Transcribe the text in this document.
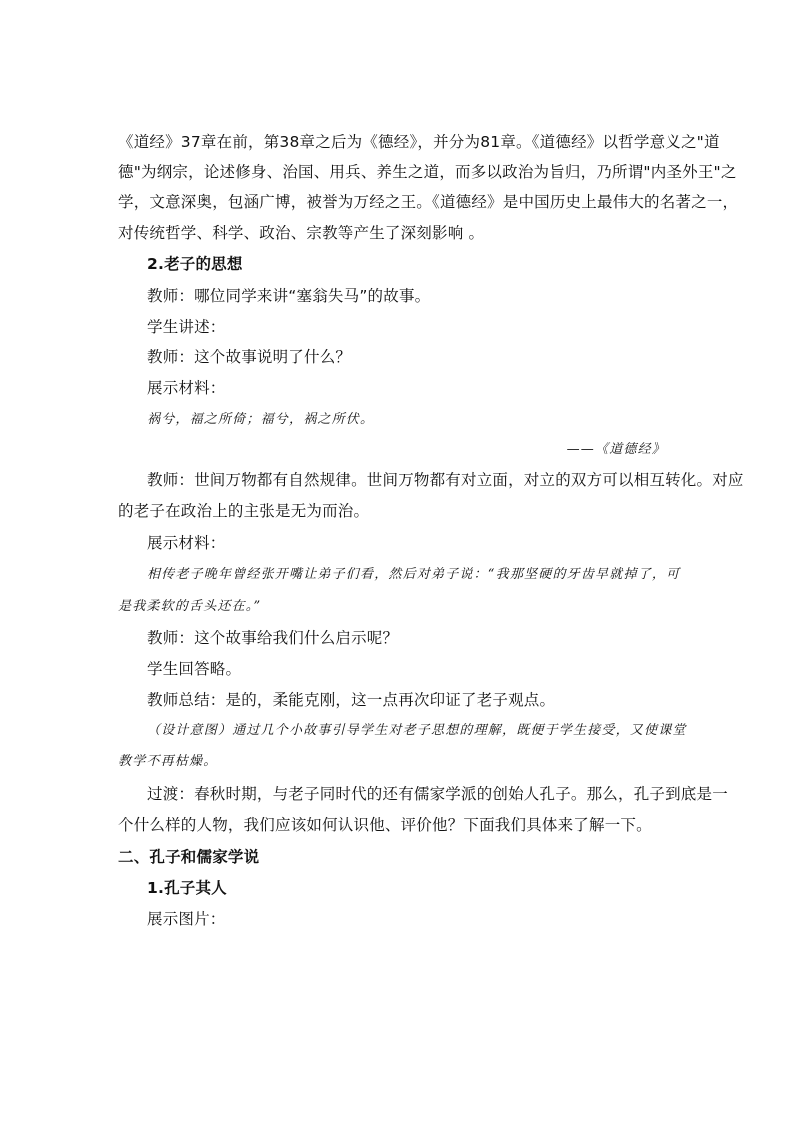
《道经》37章在前，第38章之后为《德经》，并分为81章。《道德经》以哲学意义之"道
德"为纲宗，论述修身、治国、用兵、养生之道，而多以政治为旨归，乃所谓"内圣外王"之
学，文意深奥，包涵广博，被誉为万经之王。《道德经》是中国历史上最伟大的名著之一，
对传统哲学、科学、政治、宗教等产生了深刻影响 。
2.老子的思想
教师：哪位同学来讲“塞翁失马”的故事。
学生讲述：
教师：这个故事说明了什么？
展示材料：
祸兮，福之所倚；福兮，祸之所伏。
——《道德经》
教师：世间万物都有自然规律。世间万物都有对立面，对立的双方可以相互转化。对应
的老子在政治上的主张是无为而治。
展示材料：
相传老子晚年曾经张开嘴让弟子们看，然后对弟子说：“我那坚硬的牙齿早就掉了，可
是我柔软的舌头还在。”
教师：这个故事给我们什么启示呢？
学生回答略。
教师总结：是的，柔能克刚，这一点再次印证了老子观点。
（设计意图）通过几个小故事引导学生对老子思想的理解，既便于学生接受，又使课堂
教学不再枯燥。
过渡：春秋时期，与老子同时代的还有儒家学派的创始人孔子。那么，孔子到底是一
个什么样的人物，我们应该如何认识他、评价他？下面我们具体来了解一下。
二、孔子和儒家学说
1.孔子其人
展示图片：
